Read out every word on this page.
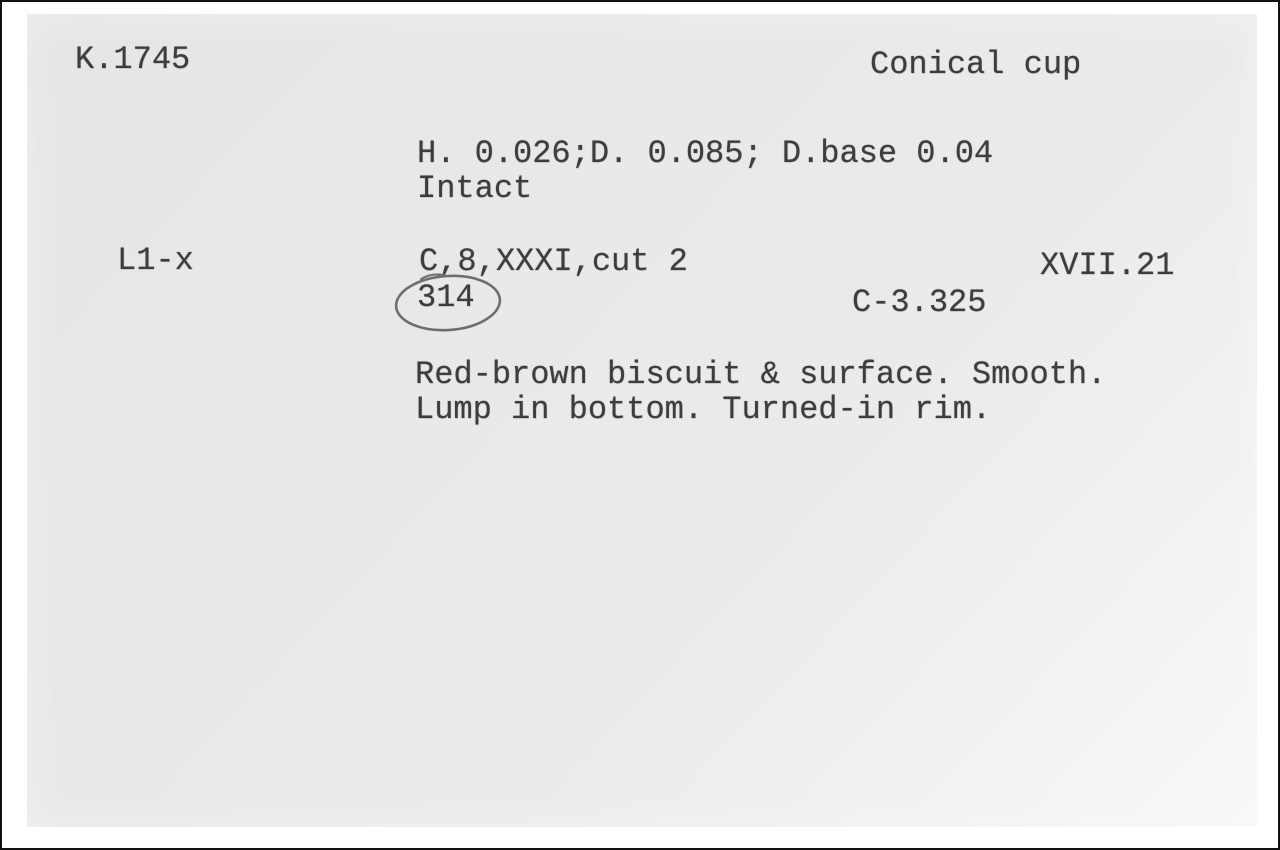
K.1745	Conical cup
H. 0.026;D. 0.085; D.base 0.04
Intact
L1-x	C,8,XXXI,cut 2	XVII.21
314	C-3.325
Red-brown biscuit & surface. Smooth.
Lump in bottom. Turned-in rim.
